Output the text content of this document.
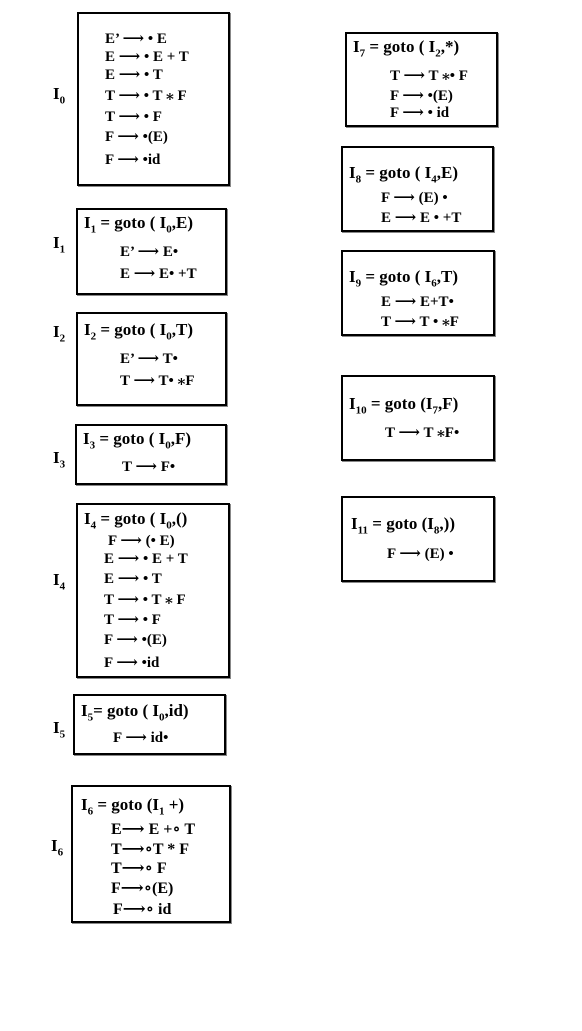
$I_0$
E’ ⟶ • E
E ⟶ • E + T
E ⟶ • T
T ⟶ • T ⁎ F
T ⟶ • F
F ⟶ •(E)
F ⟶ •id
$I_1$
$I_1$ = goto ( $I_0,E$)
E’ ⟶ E•
E ⟶ E• +T
$I_2$ $I_2$ = goto ( $I_0,T$)
E’ ⟶ T•
T ⟶ T• ⁎F
$I_3$
$I_3$ = goto ( $I_0,F$)
T ⟶ F•
$I_4$
$I_4$ = goto ( $I_0,()$
F ⟶ (• E)
E ⟶ • E + T
E ⟶ • T
T ⟶ • T ⁎ F
T ⟶ • F
F ⟶ •(E)
F ⟶ •id
$I_5$
$I_5=$ goto ( $I_0,id$)
F ⟶ id•
$I_6$
$I_6$ = goto ($I_1$ +)
E⟶ E +∘ T
T⟶∘T * F
T⟶∘ F
F⟶∘(E)
F⟶∘ id
$I_7$ = goto ( $I_2,*$)
T ⟶ T ⁎• F
F ⟶ •(E)
F ⟶ • id
$I_8$ = goto ( $I_4,E$)
F ⟶ (E) •
E ⟶ E • +T
$I_9$ = goto ( $I_6,T$)
E ⟶ E+T•
T ⟶ T • ⁎F
$I_{10}$ = goto $(I_7,F)$
T ⟶ T ⁎F•
$I_{11}$ = goto $(I_8,)$)
F ⟶ (E) •
